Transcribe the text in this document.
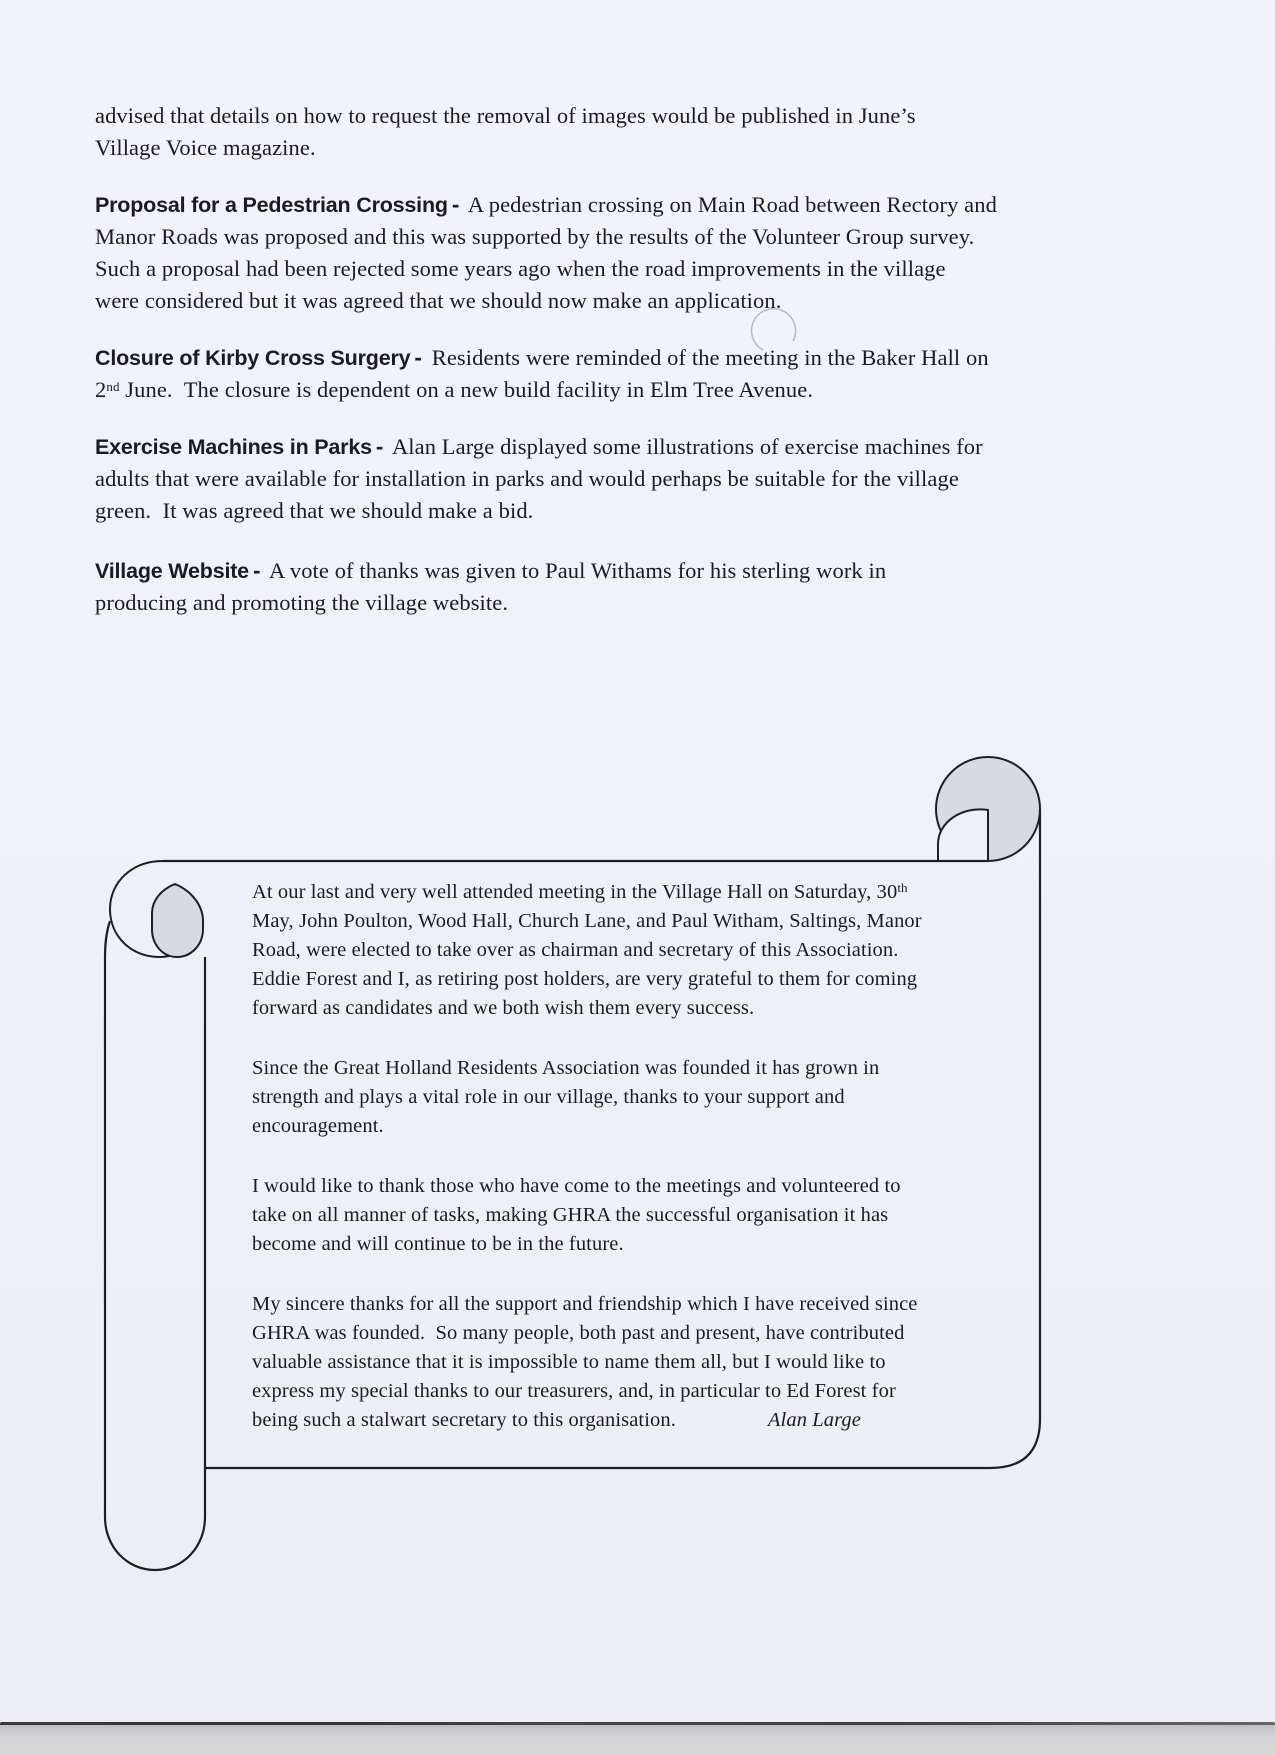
advised that details on how to request the removal of images would be published in June’s
Village Voice magazine.

Proposal for a Pedestrian Crossing - A pedestrian crossing on Main Road between Rectory and
Manor Roads was proposed and this was supported by the results of the Volunteer Group survey.
Such a proposal had been rejected some years ago when the road improvements in the village
were considered but it was agreed that we should now make an application.

Closure of Kirby Cross Surgery - Residents were reminded of the meeting in the Baker Hall on
2nd June.  The closure is dependent on a new build facility in Elm Tree Avenue.

Exercise Machines in Parks - Alan Large displayed some illustrations of exercise machines for
adults that were available for installation in parks and would perhaps be suitable for the village
green.  It was agreed that we should make a bid.

Village Website - A vote of thanks was given to Paul Withams for his sterling work in
producing and promoting the village website.

At our last and very well attended meeting in the Village Hall on Saturday, 30th
May, John Poulton, Wood Hall, Church Lane, and Paul Witham, Saltings, Manor
Road, were elected to take over as chairman and secretary of this Association.
Eddie Forest and I, as retiring post holders, are very grateful to them for coming
forward as candidates and we both wish them every success.

Since the Great Holland Residents Association was founded it has grown in
strength and plays a vital role in our village, thanks to your support and
encouragement.

I would like to thank those who have come to the meetings and volunteered to
take on all manner of tasks, making GHRA the successful organisation it has
become and will continue to be in the future.

My sincere thanks for all the support and friendship which I have received since
GHRA was founded.  So many people, both past and present, have contributed
valuable assistance that it is impossible to name them all, but I would like to
express my special thanks to our treasurers, and, in particular to Ed Forest for
being such a stalwart secretary to this organisation.	Alan Large
